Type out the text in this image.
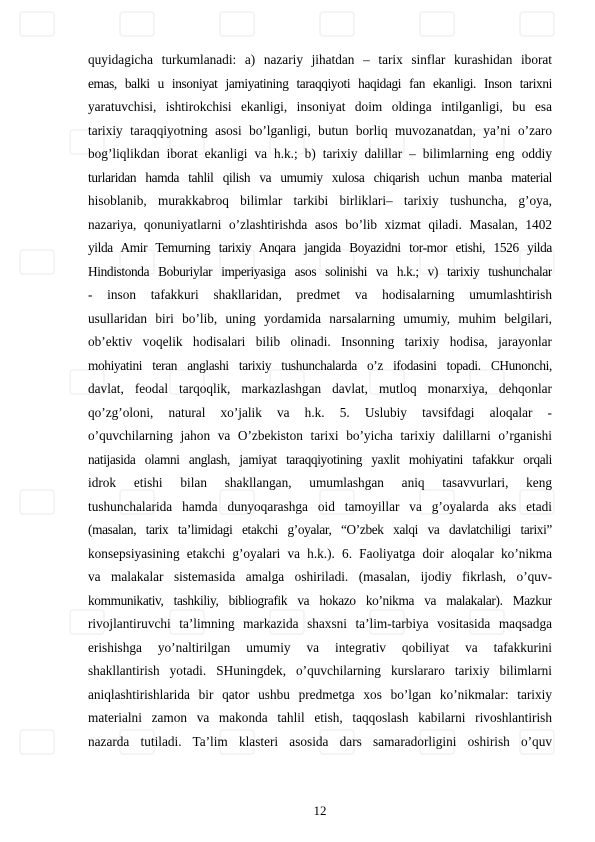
quyidagicha turkumlanadi: a) nazariy jihatdan – tarix sinflar kurashidan iborat
emas, balki u insoniyat jamiyatining taraqqiyoti haqidagi fan ekanligi. Inson tarixni
yaratuvchisi, ishtirokchisi ekanligi, insoniyat doim oldinga intilganligi, bu esa
tarixiy taraqqiyotning asosi bo’lganligi, butun borliq muvozanatdan, ya’ni o’zaro
bog’liqlikdan iborat ekanligi va h.k.; b) tarixiy dalillar – bilimlarning eng oddiy
turlaridan hamda tahlil qilish va umumiy xulosa chiqarish uchun manba material
hisoblanib, murakkabroq bilimlar tarkibi birliklari– tarixiy tushuncha, g’oya,
nazariya, qonuniyatlarni o’zlashtirishda asos bo’lib xizmat qiladi. Masalan, 1402
yilda Amir Temurning tarixiy Anqara jangida Boyazidni tor-mor etishi, 1526 yilda
Hindistonda Boburiylar imperiyasiga asos solinishi va h.k.; v) tarixiy tushunchalar
- inson tafakkuri shakllaridan, predmet va hodisalarning umumlashtirish
usullaridan biri bo’lib, uning yordamida narsalarning umumiy, muhim belgilari,
ob’ektiv voqelik hodisalari bilib olinadi. Insonning tarixiy hodisa, jarayonlar
mohiyatini teran anglashi tarixiy tushunchalarda o’z ifodasini topadi. CHunonchi,
davlat, feodal tarqoqlik, markazlashgan davlat, mutloq monarxiya, dehqonlar
qo’zg’oloni, natural xo’jalik va h.k. 5. Uslubiy tavsifdagi aloqalar -
o’quvchilarning jahon va O’zbekiston tarixi bo’yicha tarixiy dalillarni o’rganishi
natijasida olamni anglash, jamiyat taraqqiyotining yaxlit mohiyatini tafakkur orqali
idrok etishi bilan shakllangan, umumlashgan aniq tasavvurlari, keng
tushunchalarida hamda dunyoqarashga oid tamoyillar va g’oyalarda aks etadi
(masalan, tarix ta’limidagi etakchi g’oyalar, “O’zbek xalqi va davlatchiligi tarixi”
konsepsiyasining etakchi g’oyalari va h.k.). 6. Faoliyatga doir aloqalar ko’nikma
va malakalar sistemasida amalga oshiriladi. (masalan, ijodiy fikrlash, o’quv-
kommunikativ, tashkiliy, bibliografik va hokazo ko’nikma va malakalar). Mazkur
rivojlantiruvchi ta’limning markazida shaxsni ta’lim-tarbiya vositasida maqsadga
erishishga yo’naltirilgan umumiy va integrativ qobiliyat va tafakkurini
shakllantirish yotadi. SHuningdek, o’quvchilarning kurslararo tarixiy bilimlarni
aniqlashtirishlarida bir qator ushbu predmetga xos bo’lgan ko’nikmalar: tarixiy
materialni zamon va makonda tahlil etish, taqqoslash kabilarni rivoshlantirish
nazarda tutiladi. Ta’lim klasteri asosida dars samaradorligini oshirish o’quv
12
